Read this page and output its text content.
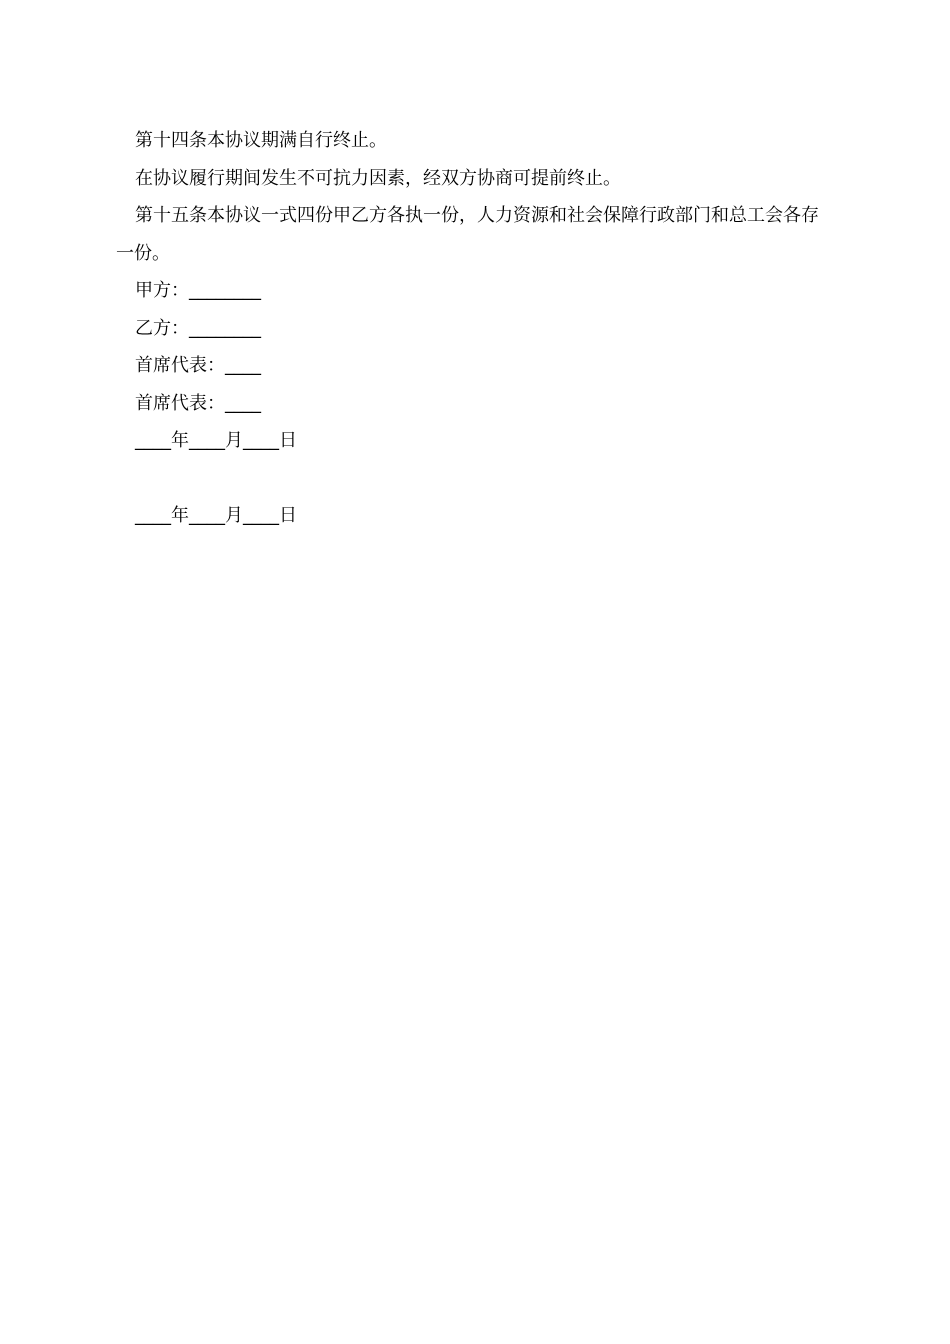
第十四条本协议期满自行终止。

在协议履行期间发生不可抗力因素，经双方协商可提前终止。

第十五条本协议一式四份甲乙方各执一份，人力资源和社会保障行政部门和总工会各存一份。

甲方：________

乙方：________

首席代表：____

首席代表：____

____年____月____日

____年____月____日
